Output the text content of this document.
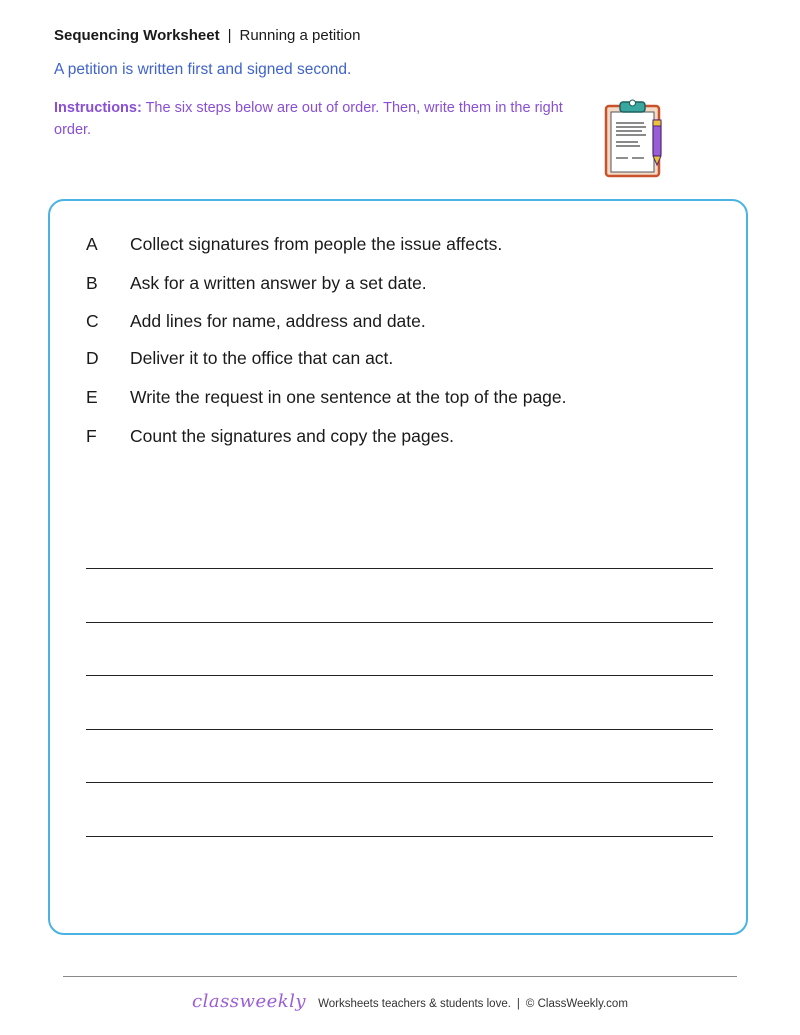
Sequencing Worksheet | Running a petition
A petition is written first and signed second.
Instructions: The six steps below are out of order. Then, write them in the right order.
A	Collect signatures from people the issue affects.
B	Ask for a written answer by a set date.
C	Add lines for name, address and date.
D	Deliver it to the office that can act.
E	Write the request in one sentence at the top of the page.
F	Count the signatures and copy the pages.
classweekly Worksheets teachers & students love. | © ClassWeekly.com
